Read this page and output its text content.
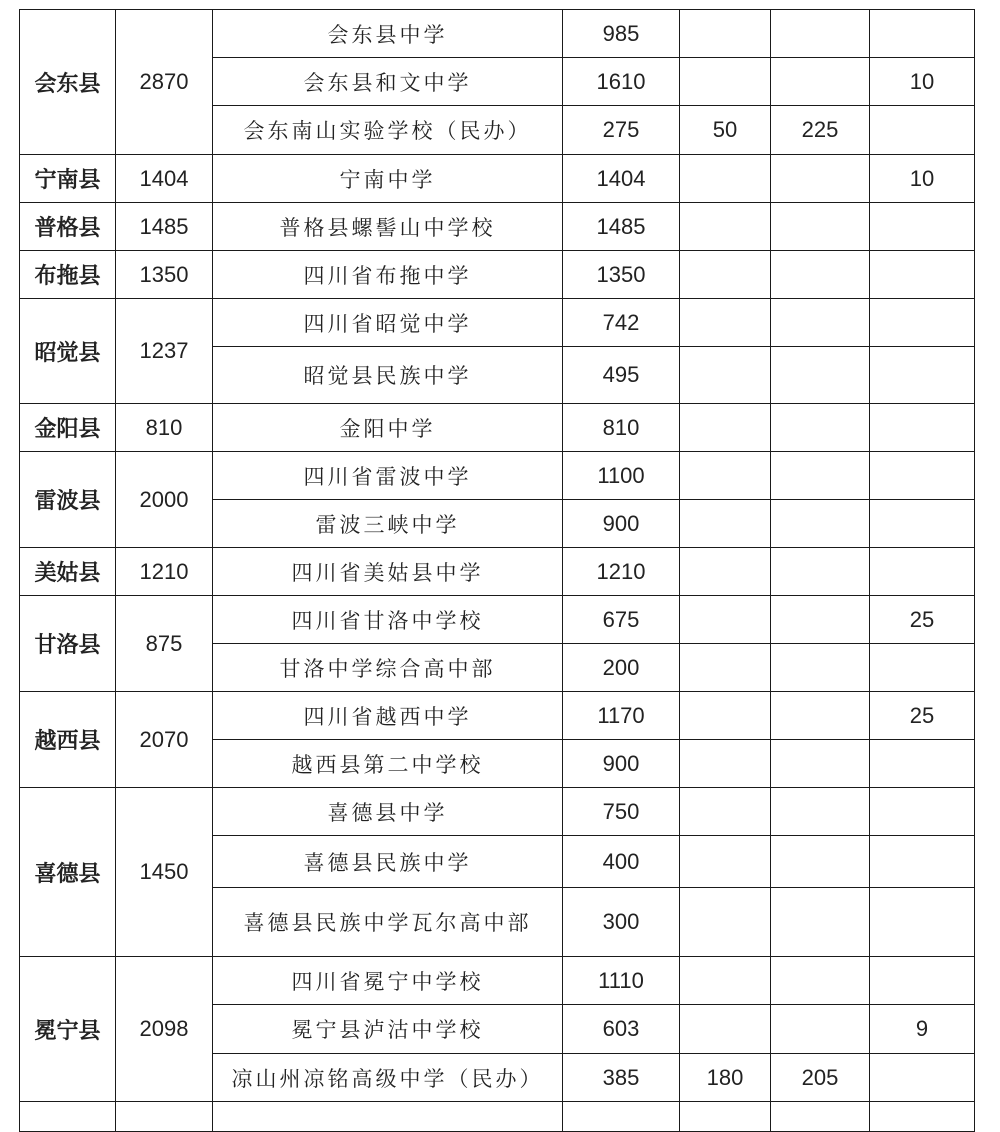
会东县	2870	会东县中学	985			
		会东县和文中学	1610			10
		会东南山实验学校（民办）	275	50	225	
宁南县	1404	宁南中学	1404			10
普格县	1485	普格县螺髻山中学校	1485			
布拖县	1350	四川省布拖中学	1350			
昭觉县	1237	四川省昭觉中学	742			
		昭觉县民族中学	495			
金阳县	810	金阳中学	810			
雷波县	2000	四川省雷波中学	1100			
		雷波三峡中学	900			
美姑县	1210	四川省美姑县中学	1210			
甘洛县	875	四川省甘洛中学校	675			25
		甘洛中学综合高中部	200			
越西县	2070	四川省越西中学	1170			25
		越西县第二中学校	900			
喜德县	1450	喜德县中学	750			
		喜德县民族中学	400			
		喜德县民族中学瓦尔高中部	300			
冕宁县	2098	四川省冕宁中学校	1110			
		冕宁县泸沽中学校	603			9
		凉山州凉铭高级中学（民办）	385	180	205	
